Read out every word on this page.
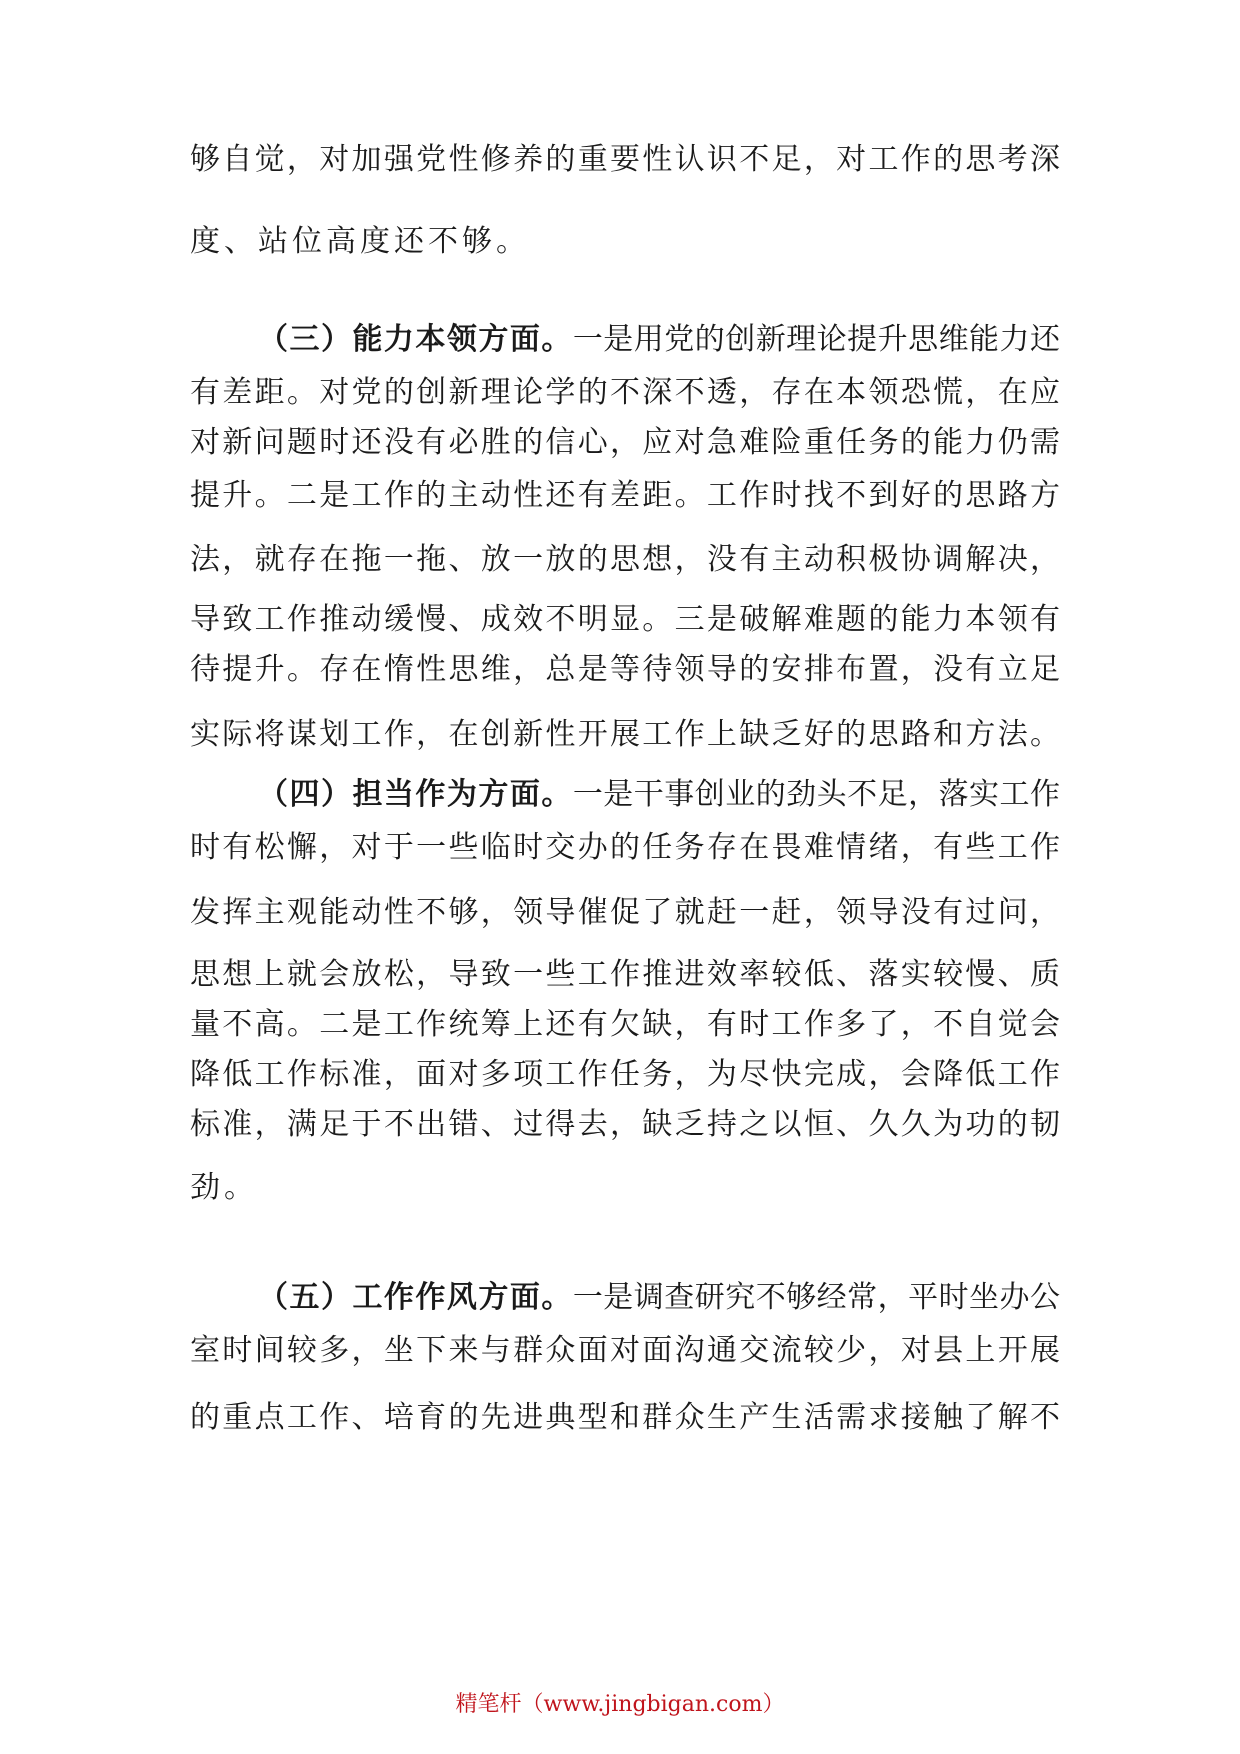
够自觉，对加强党性修养的重要性认识不足，对工作的思考深
度、站位高度还不够。
（三）能力本领方面。一是用党的创新理论提升思维能力还
有差距。对党的创新理论学的不深不透，存在本领恐慌，在应
对新问题时还没有必胜的信心，应对急难险重任务的能力仍需
提升。二是工作的主动性还有差距。工作时找不到好的思路方
法，就存在拖一拖、放一放的思想，没有主动积极协调解决，
导致工作推动缓慢、成效不明显。三是破解难题的能力本领有
待提升。存在惰性思维，总是等待领导的安排布置，没有立足
实际将谋划工作，在创新性开展工作上缺乏好的思路和方法。
（四）担当作为方面。一是干事创业的劲头不足，落实工作
时有松懈，对于一些临时交办的任务存在畏难情绪，有些工作
发挥主观能动性不够，领导催促了就赶一赶，领导没有过问，
思想上就会放松，导致一些工作推进效率较低、落实较慢、质
量不高。二是工作统筹上还有欠缺，有时工作多了，不自觉会
降低工作标准，面对多项工作任务，为尽快完成，会降低工作
标准，满足于不出错、过得去，缺乏持之以恒、久久为功的韧
劲。
（五）工作作风方面。一是调查研究不够经常，平时坐办公
室时间较多，坐下来与群众面对面沟通交流较少，对县上开展
的重点工作、培育的先进典型和群众生产生活需求接触了解不
精笔杆（www.jingbigan.com）
